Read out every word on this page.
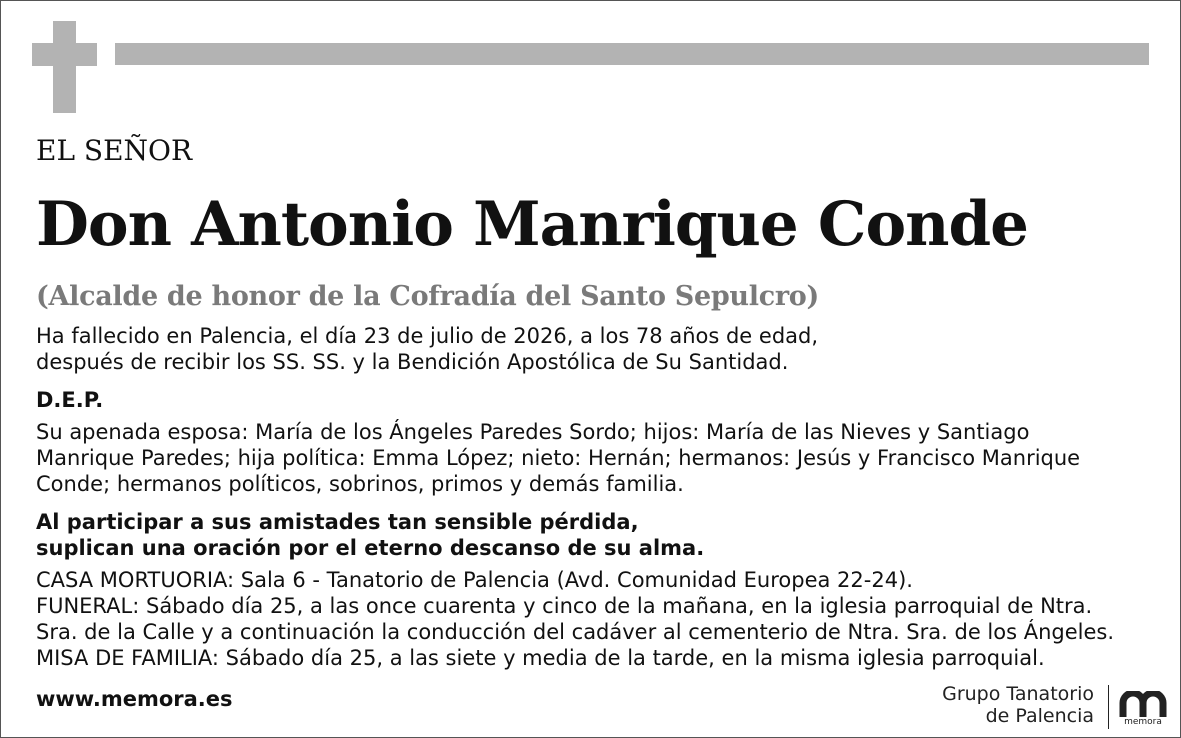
EL SEÑOR
Don Antonio Manrique Conde
(Alcalde de honor de la Cofradía del Santo Sepulcro)
Ha fallecido en Palencia, el día 23 de julio de 2026, a los 78 años de edad,
después de recibir los SS. SS. y la Bendición Apostólica de Su Santidad.
D.E.P.
Su apenada esposa: María de los Ángeles Paredes Sordo; hijos: María de las Nieves y Santiago
Manrique Paredes; hija política: Emma López; nieto: Hernán; hermanos: Jesús y Francisco Manrique
Conde; hermanos políticos, sobrinos, primos y demás familia.
Al participar a sus amistades tan sensible pérdida,
suplican una oración por el eterno descanso de su alma.
CASA MORTUORIA: Sala 6 - Tanatorio de Palencia (Avd. Comunidad Europea 22-24).
FUNERAL: Sábado día 25, a las once cuarenta y cinco de la mañana, en la iglesia parroquial de Ntra.
Sra. de la Calle y a continuación la conducción del cadáver al cementerio de Ntra. Sra. de los Ángeles.
MISA DE FAMILIA: Sábado día 25, a las siete y media de la tarde, en la misma iglesia parroquial.
www.memora.es	Grupo Tanatorio
de Palencia	memora
